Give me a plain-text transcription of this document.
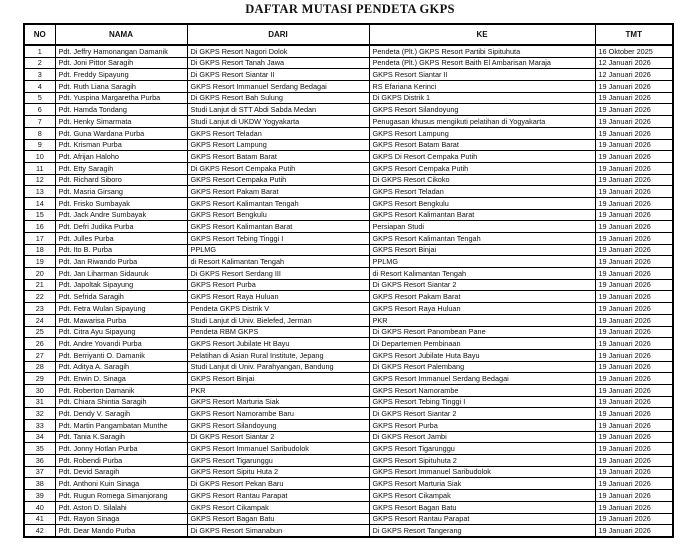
DAFTAR MUTASI PENDETA GKPS
NO	NAMA	DARI	KE	TMT
1	Pdt. Jeffry Hamonangan Damanik	Di GKPS Resort Nagori Dolok	Pendeta (Plt.) GKPS Resort Partibi Sipituhuta	16 Oktober 2025
2	Pdt. Joni Pittor Saragih	Di GKPS Resort Tanah Jawa	Pendeta (Plt.) GKPS Resort Baith El Ambarisan Maraja	12 Januari 2026
3	Pdt. Freddy Sipayung	Di GKPS Resort Siantar II	GKPS Resort Siantar II	12 Januari 2026
4	Pdt. Ruth Liana Saragih	GKPS Resort Immanuel Serdang Bedagai	RS Efariana Kerinci	19 Januari 2026
5	Pdt. Yuspina Margaretha Purba	Di GKPS Resort Bah Sulung	Di GKPS Distrik 1	19 Januari 2026
6	Pdt. Hamda Tondang	Studi Lanjut di STT Abdi Sabda Medan	GKPS Resort Silandoyung	19 Januari 2026
7	Pdt. Henky Simarmata	Studi Lanjut di UKDW Yogyakarta	Penugasan khusus mengikuti pelatihan di Yogyakarta	19 Januari 2026
8	Pdt. Guna Wardana Purba	GKPS Resort Teladan	GKPS Resort Lampung	19 Januari 2026
9	Pdt. Krisman Purba	GKPS Resort Lampung	GKPS Resort Batam Barat	19 Januari 2026
10	Pdt. Afrijan Haloho	GKPS Resort Batam Barat	GKPS Di Resort Cempaka Putih	19 Januari 2026
11	Pdt. Etty Saragih	Di GKPS Resort Cempaka Putih	GKPS Resort Cempaka Putih	19 Januari 2026
12	Pdt. Richard Siboro	GKPS Resort Cempaka Putih	Di GKPS Resort Cikoko	19 Januari 2026
13	Pdt. Masria Girsang	GKPS Resort Pakam Barat	GKPS Resort Teladan	19 Januari 2026
14	Pdt. Frisko Sumbayak	GKPS Resort Kalimantan Tengah	GKPS Resort Bengkulu	19 Januari 2026
15	Pdt. Jack Andre Sumbayak	GKPS Resort Bengkulu	GKPS Resort Kalimantan Barat	19 Januari 2026
16	Pdt. Defri Judika Purba	GKPS Resort Kalimantan Barat	Persiapan Studi	19 Januari 2026
17	Pdt. Julles Purba	GKPS Resort Tebing Tinggi I	GKPS Resort Kalimantan Tengah	19 Januari 2026
18	Pdt. Ito B. Purba	PPLMG	GKPS Resort Binjai	19 Januari 2026
19	Pdt. Jan Riwando Purba	di Resort Kalimantan Tengah	PPLMG	19 Januari 2026
20	Pdt. Jan Liharman Sidauruk	Di GKPS Resort Serdang III	di Resort Kalimantan Tengah	19 Januari 2026
21	Pdt. Japoltak Sipayung	GKPS Resort Purba	Di GKPS Resort Siantar 2	19 Januari 2026
22	Pdt. Sefrida Saragih	GKPS Resort Raya Huluan	GKPS Resort Pakam Barat	19 Januari 2026
23	Pdt. Fetra Wulan Sipayung	Pendeta GKPS Distrik V	GKPS Resort Raya Huluan	19 Januari 2026
24	Pdt. Mawarisa Purba	Studi Lanjut di Univ. Bielefed, Jerman	PKR	19 Januari 2026
25	Pdt. Citra Ayu Sipayung	Pendeta RBM GKPS	Di GKPS Resort Panombean Pane	19 Januari 2026
26	Pdt. Andre Yovandi Purba	GKPS Resort Jubilate Ht Bayu	Di Departemen Pembinaan	19 Januari 2026
27	Pdt. Berriyanti O. Damanik	Pelatihan di Asian Rural Institute, Jepang	GKPS Resort Jubilate Huta Bayu	19 Januari 2026
28	Pdt. Aditya A. Saragih	Studi Lanjut di Univ. Parahyangan, Bandung	Di GKPS Resort Palembang	19 Januari 2026
29	Pdt. Erwin D. Sinaga	GKPS Resort Binjai	GKPS Resort Immanuel Serdang Bedagai	19 Januari 2026
30	Pdt. Roberton Damanik	PKR	GKPS Resort Namorambe	19 Januari 2026
31	Pdt. Chiara Shintia Saragih	GKPS Resort Marturia Siak	GKPS Resort Tebing Tinggi I	19 Januari 2026
32	Pdt. Dendy V. Saragih	GKPS Resort Namorambe Baru	Di GKPS Resort Siantar 2	19 Januari 2026
33	Pdt. Martin Pangambatan Munthe	GKPS Resort Silandoyung	GKPS Resort Purba	19 Januari 2026
34	Pdt. Tania K.Saragih	Di GKPS Resort Siantar 2	Di GKPS Resort Jambi	19 Januari 2026
35	Pdt. Jonny Hotlan Purba	GKPS Resort Immanuel Saribudolok	GKPS Resort Tigarunggu	19 Januari 2026
36	Pdt. Robendi Purba	GKPS Resort Tigarunggu	GKPS Resort Sipituhuta 2	19 Januari 2026
37	Pdt. Devid Saragih	GKPS Resort Sipitu Huta 2	GKPS Resort Immanuel Saribudolok	19 Januari 2026
38	Pdt. Anthoni Kuin Sinaga	Di GKPS Resort Pekan Baru	GKPS Resort Marturia Siak	19 Januari 2026
39	Pdt. Rugun Romega Simanjorang	GKPS Resort Rantau Parapat	GKPS Resort Cikampak	19 Januari 2026
40	Pdt. Aston D. Silalahi	GKPS Resort Cikampak	GKPS Resort Bagan Batu	19 Januari 2026
41	Pdt. Rayon Sinaga	GKPS Resort Bagan Batu	GKPS Resort Rantau Parapat	19 Januari 2026
42	Pdt. Dear Mando Purba	Di GKPS Resort Simanabun	Di GKPS Resort Tangerang	19 Januari 2026
